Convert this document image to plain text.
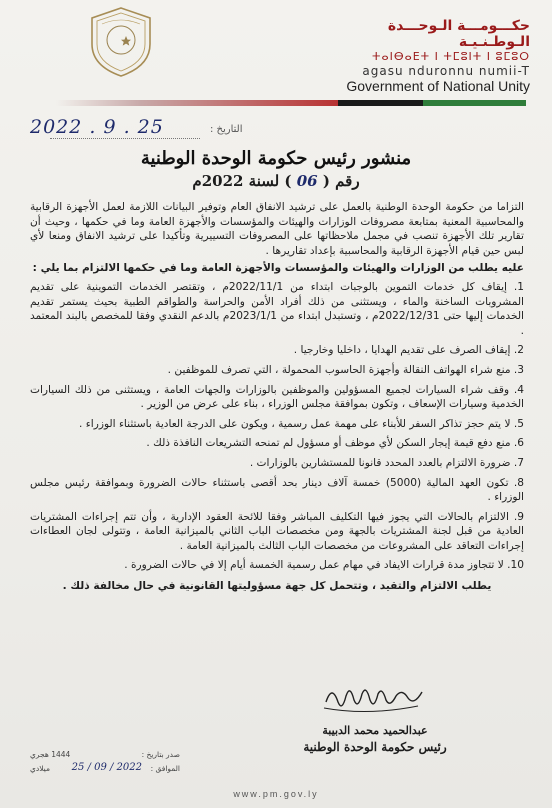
حكـــومـــة الـوحـــدة الـوطـنـيـة
ⵜⴰⵏⴱⴰⴹⵜ ⵏ ⵜⵎⵓⵏⵜ ⵏ ⵓⵎⵓⵔ
agasu nduronnu numii-T
Government of National Unity
2022 . 9 . 25	التاريخ :
منشور رئيس حكومة الوحدة الوطنية
رقم ( 06 ) لسنة 2022م

التزاما من حكومة الوحدة الوطنية بالعمل على ترشيد الانفاق العام وتوفير البيانات اللازمة لعمل الأجهزة الرقابية والمحاسبية المعنية بمتابعة مصروفات الوزارات والهيئات والمؤسسات والأجهزة العامة وما في حكمها ، وحيث أن تقارير تلك الأجهزة تنصب في مجمل ملاحظاتها على المصروفات التسييرية وتأكيدا على ترشيد الانفاق ومنعا لأي لبس حين قيام الأجهزة الرقابية والمحاسبية بإعداد تقاريرها .

عليه يطلب من الوزارات والهيئات والمؤسسات والأجهزة العامة وما في حكمها الالتزام بما يلي :

1. إيقاف كل خدمات التموين بالوجبات ابتداء من 2022/11/1م ، وتقتصر الخدمات التموينية على تقديم المشروبات الساخنة والماء ، ويستثنى من ذلك أفراد الأمن والحراسة والطواقم الطبية بحيث يستمر تقديم الخدمات إليها حتى 2022/12/31م ، وتستبدل ابتداء من 2023/1/1م بالدعم النقدي وفقا للمخصص بالبند المعتمد .
2. إيقاف الصرف على تقديم الهدايا ، داخليا وخارجيا .
3. منع شراء الهواتف النقالة وأجهزة الحاسوب المحمولة ، التي تصرف للموظفين .
4. وقف شراء السيارات لجميع المسؤولين والموظفين بالوزارات والجهات العامة ، ويستثنى من ذلك السيارات الخدمية وسيارات الإسعاف ، وتكون بموافقة مجلس الوزراء ، بناء على عرض من الوزير .
5. لا يتم حجز تذاكر السفر للأبناء على مهمة عمل رسمية ، ويكون على الدرجة العادية باستثناء الوزراء .
6. منع دفع قيمة إيجار السكن لأي موظف أو مسؤول لم تمنحه التشريعات النافذة ذلك .
7. ضرورة الالتزام بالعدد المحدد قانونا للمستشارين بالوزارات .
8. تكون العهد المالية (5000) خمسة آلاف دينار بحد أقصى باستثناء حالات الضرورة وبموافقة رئيس مجلس الوزراء .
9. الالتزام بالحالات التي يجوز فيها التكليف المباشر وفقا للائحة العقود الإدارية ، وأن تتم إجراءات المشتريات العادية من قبل لجنة المشتريات بالجهة ومن مخصصات الباب الثاني بالميزانية العامة ، وتتولى لجان العطاءات إجراءات التعاقد على المشروعات من مخصصات الباب الثالث بالميزانية العامة .
10. لا تتجاوز مدة قرارات الايفاد في مهام عمل رسمية الخمسة أيام إلا في حالات الضرورة .

يطلب الالتزام والتقيد ، وتتحمل كل جهة مسؤوليتها القانونية في حال مخالفة ذلك .

عبدالحميد محمد الدبيبة
رئيس حكومة الوحدة الوطنية
صدر بتاريخ :
1444 هجري
الموافق :
25 / 09 / 2022
ميلادي
www.pm.gov.ly
